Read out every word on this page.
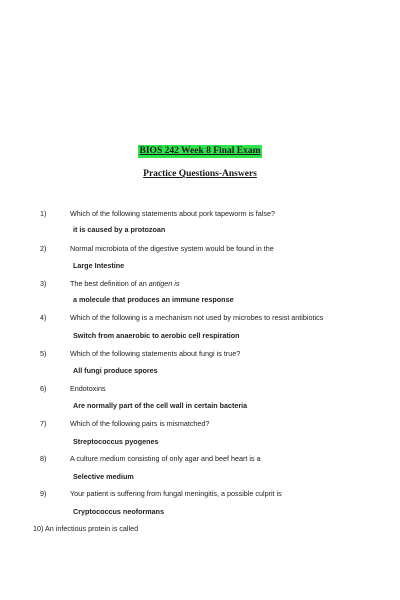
BIOS 242 Week 8 Final Exam
Practice Questions-Answers
1)	Which of the following statements about pork tapeworm is false?
it is caused by a protozoan
2)	Normal microbiota of the digestive system would be found in the
Large Intestine
3)	The best definition of an antigen is
a molecule that produces an immune response
4)	Which of the following is a mechanism not used by microbes to resist antibiotics
Switch from anaerobic to aerobic cell respiration
5)	Which of the following statements about fungi is true?
All fungi produce spores
6)	Endotoxins
Are normally part of the cell wall in certain bacteria
7)	Which of the following pairs is mismatched?
Streptococcus pyogenes
8)	A culture medium consisting of only agar and beef heart is a
Selective medium
9)	Your patient is suffering from fungal meningitis, a possible culprit is
Cryptococcus neoformans
10) An infectious protein is called
